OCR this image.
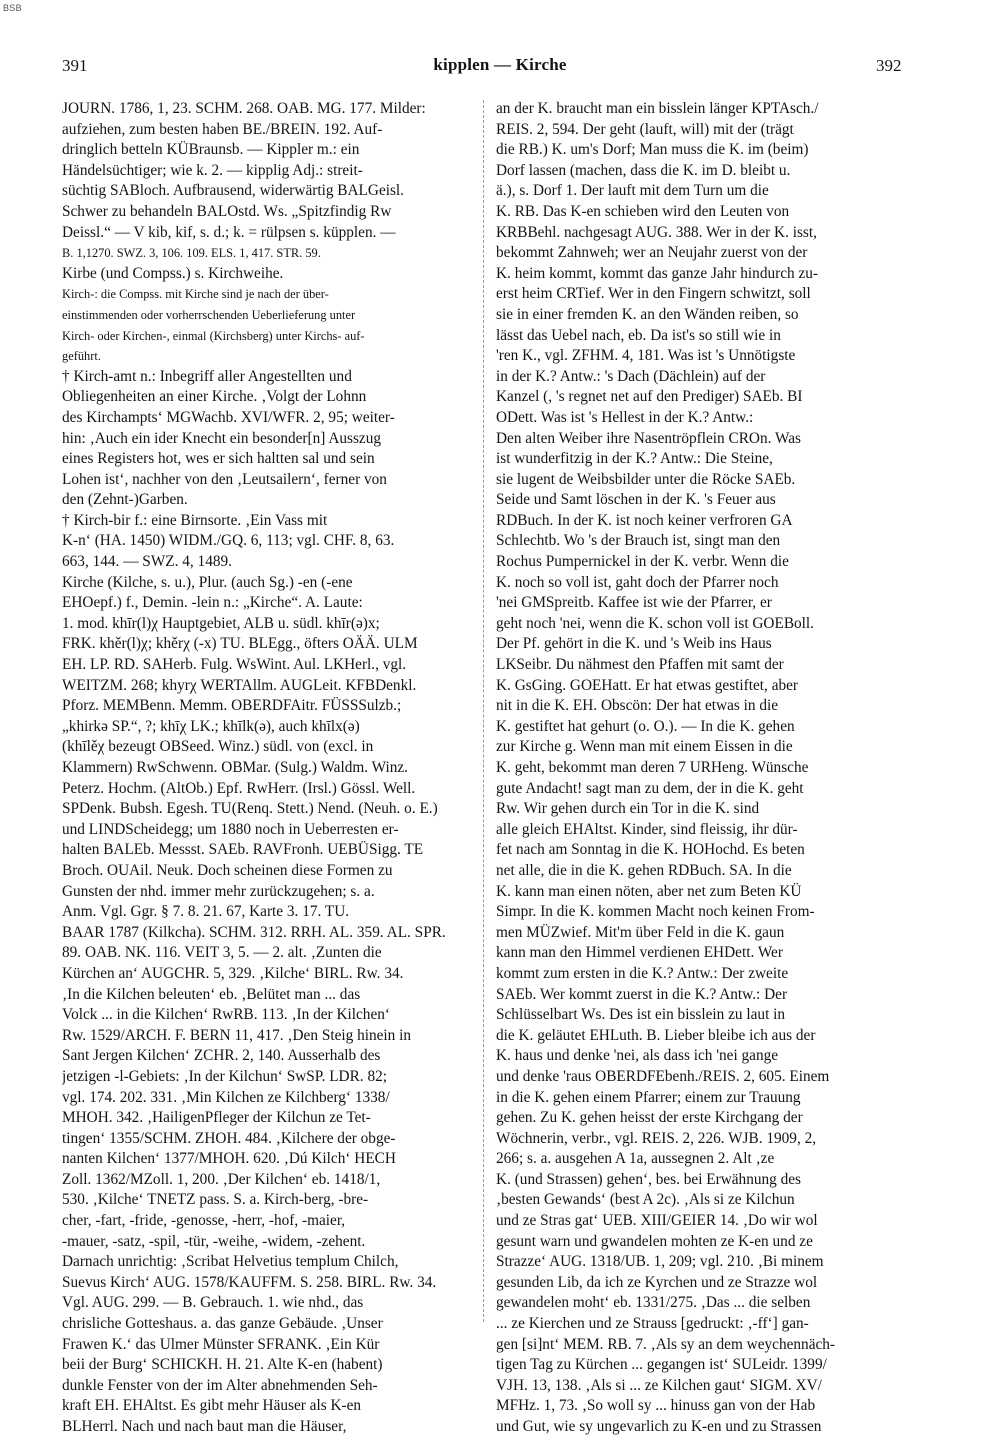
BSB
391	kipplen — Kirche	392
JOURN. 1786, 1, 23. SCHM. 268. OAB. MG. 177. Milder:
aufziehen, zum besten haben BE./BREIN. 192. Auf-
dringlich betteln KÜBraunsb. — Kippler m.: ein
Händelsüchtiger; wie k. 2. — kipplig Adj.: streit-
süchtig SABloch. Aufbrausend, widerwärtig BALGeisl.
Schwer zu behandeln BALOstd. Ws. „Spitzfindig Rw
Deissl.“ — V kib, kif, s. d.; k. = rülpsen s. küpplen. —
B. 1,1270. SWZ. 3, 106. 109. ELS. 1, 417. STR. 59.
Kirbe (und Compss.) s. Kirchweihe.
Kirch-: die Compss. mit Kirche sind je nach der über-
einstimmenden oder vorherrschenden Ueberlieferung unter
Kirch- oder Kirchen-, einmal (Kirchsberg) unter Kirchs- auf-
geführt.
† Kirch-amt n.: Inbegriff aller Angestellten und
Obliegenheiten an einer Kirche. ‚Volgt der Lohnn
des Kirchampts‘ MGWachb. XVI/WFR. 2, 95; weiter-
hin: ‚Auch ein ider Knecht ein besonder[n] Ausszug
eines Registers hot, wes er sich haltten sal und sein
Lohen ist‘, nachher von den ‚Leutsailern‘, ferner von
den (Zehnt-)Garben.
† Kirch-bir f.: eine Birnsorte. ‚Ein Vass mit
K-n‘ (HA. 1450) WIDM./GQ. 6, 113; vgl. CHF. 8, 63.
663, 144. — SWZ. 4, 1489.
Kirche (Kilche, s. u.), Plur. (auch Sg.) -en (-ene
EHOepf.) f., Demin. -lein n.: „Kirche“. A. Laute:
1. mod. khīr(l)χ Hauptgebiet, ALB u. südl. khīr(ə)x;
FRK. khěr(l)χ; khěrχ (-x) TU. BLEgg., öfters OÄÄ. ULM
EH. LP. RD. SAHerb. Fulg. WsWint. Aul. LKHerl., vgl.
WEITZM. 268; khyrχ WERTAllm. AUGLeit. KFBDenkl.
Pforz. MEMBenn. Memm. OBERDFAitr. FÜSSSulzb.;
„khirkə SP.“, ?; khīχ LK.; khīlk(ə), auch khīlx(ə)
(khīlěχ bezeugt OBSeed. Winz.) südl. von (excl. in
Klammern) RwSchwenn. OBMar. (Sulg.) Waldm. Winz.
Peterz. Hochm. (AltOb.) Epf. RwHerr. (Irsl.) Gössl. Well.
SPDenk. Bubsh. Egesh. TU(Renq. Stett.) Nend. (Neuh. o. E.)
und LINDScheidegg; um 1880 noch in Ueberresten er-
halten BALEb. Messst. SAEb. RAVFronh. UEBÜSigg. TE
Broch. OUAil. Neuk. Doch scheinen diese Formen zu
Gunsten der nhd. immer mehr zurückzugehen; s. a.
Anm. Vgl. Ggr. § 7. 8. 21. 67, Karte 3. 17. TU.
BAAR 1787 (Kilkcha). SCHM. 312. RRH. AL. 359. AL. SPR.
89. OAB. NK. 116. VEIT 3, 5. — 2. alt. ‚Zunten die
Kürchen an‘ AUGCHR. 5, 329. ‚Kilche‘ BIRL. Rw. 34.
‚In die Kilchen beleuten‘ eb. ‚Belütet man ... das
Volck ... in die Kilchen‘ RwRB. 113. ‚In der Kilchen‘
Rw. 1529/ARCH. F. BERN 11, 417. ‚Den Steig hinein in
Sant Jergen Kilchen‘ ZCHR. 2, 140. Ausserhalb des
jetzigen -l-Gebiets: ‚In der Kilchun‘ SwSP. LDR. 82;
vgl. 174. 202. 331. ‚Min Kilchen ze Kilchberg‘ 1338/
MHOH. 342. ‚HailigenPfleger der Kilchun ze Tet-
tingen‘ 1355/SCHM. ZHOH. 484. ‚Kilchere der obge-
nanten Kilchen‘ 1377/MHOH. 620. ‚Dú Kilch‘ HECH
Zoll. 1362/MZoll. 1, 200. ‚Der Kilchen‘ eb. 1418/1,
530. ‚Kilche‘ TNETZ pass. S. a. Kirch-berg, -bre-
cher, -fart, -fride, -genosse, -herr, -hof, -maier,
-mauer, -satz, -spil, -tür, -weihe, -widem, -zehent.
Darnach unrichtig: ‚Scribat Helvetius templum Chilch,
Suevus Kirch‘ AUG. 1578/KAUFFM. S. 258. BIRL. Rw. 34.
Vgl. AUG. 299. — B. Gebrauch. 1. wie nhd., das
chrisliche Gotteshaus. a. das ganze Gebäude. ‚Unser
Frawen K.‘ das Ulmer Münster SFRANK. ‚Ein Kür
beii der Burg‘ SCHICKH. H. 21. Alte K-en (habent)
dunkle Fenster von der im Alter abnehmenden Seh-
kraft EH. EHAltst. Es gibt mehr Häuser als K-en
BLHerrl. Nach und nach baut man die Häuser,
an der K. braucht man ein bisslein länger KPTAsch./
REIS. 2, 594. Der geht (lauft, will) mit der (trägt
die RB.) K. um's Dorf; Man muss die K. im (beim)
Dorf lassen (machen, dass die K. im D. bleibt u.
ä.), s. Dorf 1. Der lauft mit dem Turn um die
K. RB. Das K-en schieben wird den Leuten von
KRBBehl. nachgesagt AUG. 388. Wer in der K. isst,
bekommt Zahnweh; wer an Neujahr zuerst von der
K. heim kommt, kommt das ganze Jahr hindurch zu-
erst heim CRTief. Wer in den Fingern schwitzt, soll
sie in einer fremden K. an den Wänden reiben, so
lässt das Uebel nach, eb. Da ist's so still wie in
'ren K., vgl. ZFHM. 4, 181. Was ist 's Unnötigste
in der K.? Antw.: 's Dach (Dächlein) auf der
Kanzel (, 's regnet net auf den Prediger) SAEb. BI
ODett. Was ist 's Hellest in der K.? Antw.:
Den alten Weiber ihre Nasentröpflein CROn. Was
ist wunderfitzig in der K.? Antw.: Die Steine,
sie lugent de Weibsbilder unter die Röcke SAEb.
Seide und Samt löschen in der K. 's Feuer aus
RDBuch. In der K. ist noch keiner verfroren GA
Schlechtb. Wo 's der Brauch ist, singt man den
Rochus Pumpernickel in der K. verbr. Wenn die
K. noch so voll ist, gaht doch der Pfarrer noch
'nei GMSpreitb. Kaffee ist wie der Pfarrer, er
geht noch 'nei, wenn die K. schon voll ist GOEBoll.
Der Pf. gehört in die K. und 's Weib ins Haus
LKSeibr. Du nähmest den Pfaffen mit samt der
K. GsGing. GOEHatt. Er hat etwas gestiftet, aber
nit in die K. EH. Obscön: Der hat etwas in die
K. gestiftet hat gehurt (o. O.). — In die K. gehen
zur Kirche g. Wenn man mit einem Eissen in die
K. geht, bekommt man deren 7 URHeng. Wünsche
gute Andacht! sagt man zu dem, der in die K. geht
Rw. Wir gehen durch ein Tor in die K. sind
alle gleich EHAltst. Kinder, sind fleissig, ihr dür-
fet nach am Sonntag in die K. HOHochd. Es beten
net alle, die in die K. gehen RDBuch. SA. In die
K. kann man einen nöten, aber net zum Beten KÜ
Simpr. In die K. kommen Macht noch keinen From-
men MÜZwief. Mit'm über Feld in die K. gaun
kann man den Himmel verdienen EHDett. Wer
kommt zum ersten in die K.? Antw.: Der zweite
SAEb. Wer kommt zuerst in die K.? Antw.: Der
Schlüsselbart Ws. Des ist ein bisslein zu laut in
die K. geläutet EHLuth. B. Lieber bleibe ich aus der
K. haus und denke 'nei, als dass ich 'nei gange
und denke 'raus OBERDFEbenh./REIS. 2, 605. Einem
in die K. gehen einem Pfarrer; einem zur Trauung
gehen. Zu K. gehen heisst der erste Kirchgang der
Wöchnerin, verbr., vgl. REIS. 2, 226. WJB. 1909, 2,
266; s. a. ausgehen A 1a, aussegnen 2. Alt ‚ze
K. (und Strassen) gehen‘, bes. bei Erwähnung des
‚besten Gewands‘ (best A 2c). ‚Als si ze Kilchun
und ze Stras gat‘ UEB. XIII/GEIER 14. ‚Do wir wol
gesunt warn und gwandelen mohten ze K-en und ze
Strazze‘ AUG. 1318/UB. 1, 209; vgl. 210. ‚Bi minem
gesunden Lib, da ich ze Kyrchen und ze Strazze wol
gewandelen moht‘ eb. 1331/275. ‚Das ... die selben
... ze Kierchen und ze Strauss [gedruckt: ‚-ff‘] gan-
gen [si]nt‘ MEM. RB. 7. ‚Als sy an dem weychennäch-
tigen Tag zu Kürchen ... gegangen ist‘ SULeidr. 1399/
VJH. 13, 138. ‚Als si ... ze Kilchen gaut‘ SIGM. XV/
MFHz. 1, 73. ‚So woll sy ... hinuss gan von der Hab
und Gut, wie sy ungevarlich zu K-en und zu Strassen
